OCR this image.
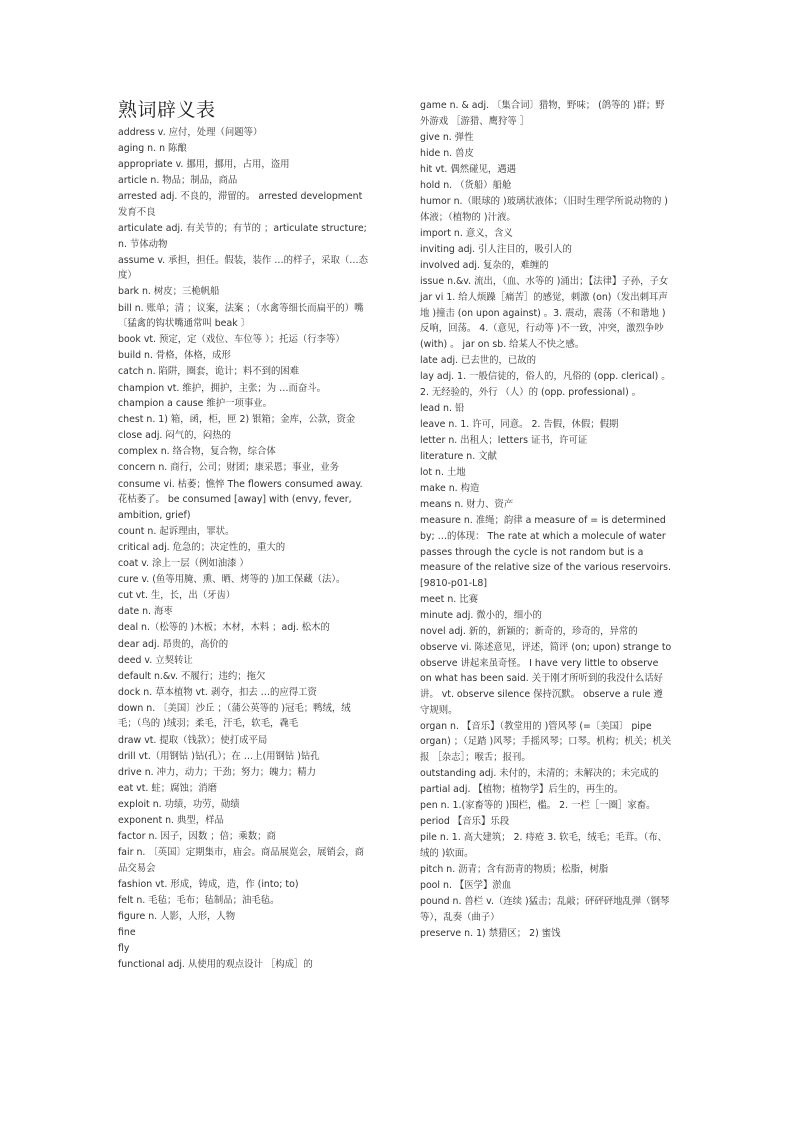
熟词辟义表
address v. 应付，处理（问题等）
aging n. n 陈酿
appropriate v. 挪用，挪用，占用，盗用
article n. 物品；制品，商品
arrested adj. 不良的，滞留的。 arrested development 发育不良
articulate adj. 有关节的；有节的 ；articulate structure; n. 节体动物
assume v. 承担，担任。假装，装作 …的样子，采取（…态度）
bark n. 树皮；三桅帆船
bill n. 账单；清 ；议案，法案 ；（水禽等细长而扁平的）嘴〔猛禽的钩状嘴通常叫 beak 〕
book vt. 预定，定（戏位、车位等 ）；托运（行李等）
build n. 骨格，体格，成形
catch n. 陷阱，圈套，诡计；料不到的困难
champion vt. 维护，拥护，主张；为 …而奋斗。champion a cause 维护一项事业。
chest n. 1) 箱，函，柜，匣 2) 银箱；金库，公款，资金
close adj. 闷气的，闷热的
complex n. 络合物，复合物，综合体
concern n. 商行，公司；财团；康采恩；事业，业务
consume vi. 枯萎；憔悴 The flowers consumed away. 花枯萎了。 be consumed [away] with (envy, fever, ambition, grief)
count n. 起诉理由，罪状。
critical adj. 危急的；决定性的，重大的
coat v. 涂上一层（例如油漆 ）
cure v. (鱼等用腌、熏、晒、烤等的 )加工保藏（法）。
cut vt. 生，长，出（牙齿）
date n. 海枣
deal n.（松等的 )木板；木材，木料 ；adj. 松木的
dear adj. 昂贵的，高价的
deed v. 立契转让
default n.&v. 不履行；违约；拖欠
dock n. 草本植物 vt. 剥夺，扣去 …的应得工资
down n. 〔美国〕沙丘 ；（蒲公英等的 )冠毛；鸭绒，绒毛；（鸟的 )绒羽；柔毛，汗毛，软毛，毳毛
draw vt. 提取（钱款）；使打成平局
drill vt.（用钢钻 )钻(孔）；在 …上(用钢钻 )钻孔
drive n. 冲力，动力；干劲；努力；魄力；精力
eat vt. 蛀；腐蚀；消磨
exploit n. 功绩，功劳，勋绩
exponent n. 典型，样品
factor n. 因子，因数 ；倍；乘数；商
fair n. 〔英国〕定期集市，庙会。商品展览会，展销会，商品交易会
fashion vt. 形成，铸成，造，作 (into; to)
felt n. 毛毡；毛布；毡制品；油毛毡。
figure n. 人影，人形，人物
fine
fly
functional adj. 从使用的观点设计 ［构成］的
game n. & adj. 〔集合词〕猎物，野味； (鸽等的 )群；野外游戏 ［游猎、鹰狩等 ］
give n. 弹性
hide n. 兽皮
hit vt. 偶然碰见，遇遇
hold n. （货船）船舱
humor n.（眼球的 )玻璃状液体；（旧时生理学所说动物的 )体液；（植物的 )汁液。
import n. 意义，含义
inviting adj. 引人注目的，吸引人的
involved adj. 复杂的，难缠的
issue n.&v. 流出，（血、水等的 )涌出；【法律】子孙，子女
jar vi 1. 给人烦躁［痛苦］的感觉，刺激 (on)（发出刺耳声地 )撞击 (on upon against) 。3. 震动，震荡（不和谐地 )反响，回荡。 4.（意见，行动等 )不一致，冲突，激烈争吵 (with) 。 jar on sb. 给某人不快之感。
late adj. 已去世的，已故的
lay adj. 1. 一般信徒的，俗人的，凡俗的 (opp. clerical) 。2. 无经验的，外行 （人）的 (opp. professional) 。
lead n. 铅
leave n. 1. 许可，同意。 2. 告假，休假；假期
letter n. 出租人；letters 证书，许可证
literature n. 文献
lot n. 土地
make n. 构造
means n. 财力、资产
measure n. 准绳；韵律 a measure of = is determined by; …的体现： The rate at which a molecule of water passes through the cycle is not random but is a measure of the relative size of the various reservoirs. [9810-p01-L8]
meet n. 比赛
minute adj. 微小的，细小的
novel adj. 新的，新颖的；新奇的，珍奇的，异常的
observe vi. 陈述意见，评述，简评 (on; upon) strange to observe 讲起来虽奇怪。 I have very little to observe on what has been said. 关于刚才所听到的我没什么话好讲。 vt. observe silence 保持沉默。 observe a rule 遵守规则。
organ n. 【音乐】（教堂用的 )管风琴 (=〔美国〕 pipe organ) ；（足踏 )风琴；手摇风琴；口琴。机构；机关；机关报 ［杂志］；喉舌；报刊。
outstanding adj. 未付的，未清的；未解决的；未完成的
partial adj. 【植物；植物学】后生的，再生的。
pen n. 1.(家畜等的 )围栏，槛。 2. 一栏［一圈］家畜。
period 【音乐】乐段
pile n. 1. 高大建筑； 2. 痔疮 3. 软毛，绒毛；毛茸。（布、绒的 )软面。
pitch n. 沥青；含有沥青的物质；松脂，树脂
pool n. 【医学】淤血
pound n. 兽栏 v.（连续 )猛击；乱敲；砰砰砰地乱弹（钢琴等），乱奏（曲子）
preserve n. 1) 禁猎区； 2) 蜜饯
